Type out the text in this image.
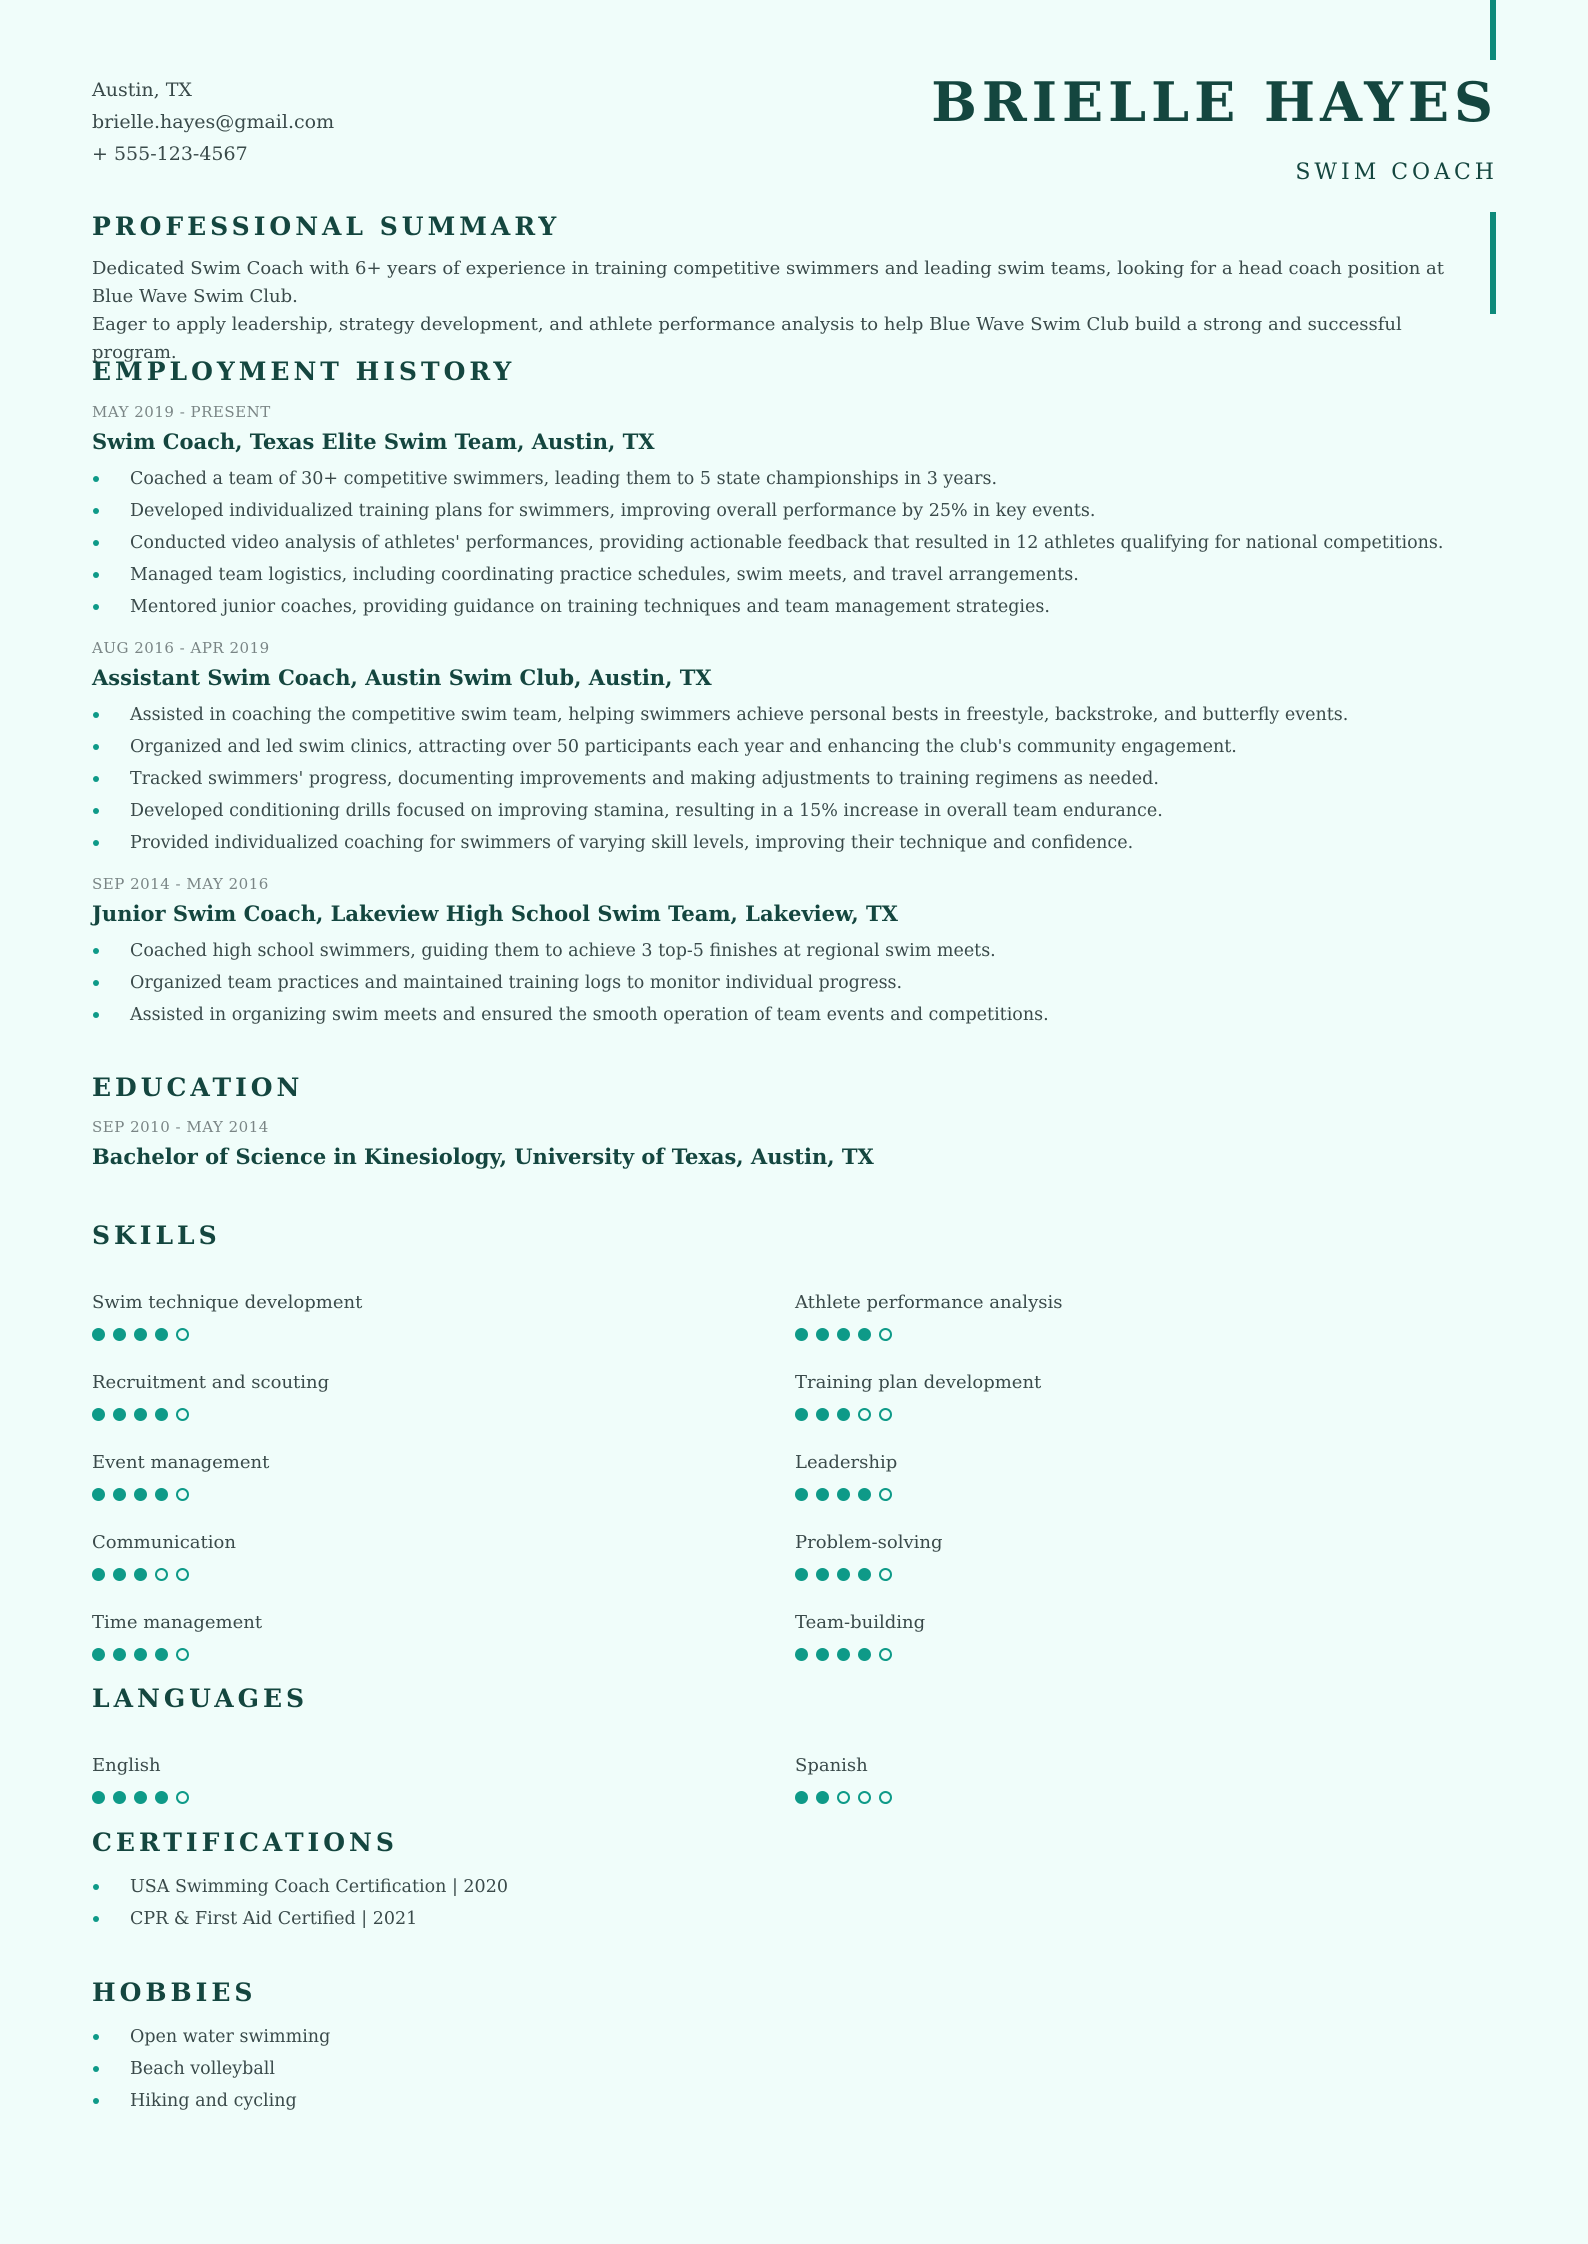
Austin, TX
brielle.hayes@gmail.com
+ 555-123-4567
BRIELLE HAYES
SWIM COACH
PROFESSIONAL SUMMARY
Dedicated Swim Coach with 6+ years of experience in training competitive swimmers and leading swim teams, looking for a head coach position at Blue Wave Swim Club.
Eager to apply leadership, strategy development, and athlete performance analysis to help Blue Wave Swim Club build a strong and successful program.
EMPLOYMENT HISTORY
MAY 2019 - PRESENT
Swim Coach, Texas Elite Swim Team, Austin, TX
Coached a team of 30+ competitive swimmers, leading them to 5 state championships in 3 years.
Developed individualized training plans for swimmers, improving overall performance by 25% in key events.
Conducted video analysis of athletes' performances, providing actionable feedback that resulted in 12 athletes qualifying for national competitions.
Managed team logistics, including coordinating practice schedules, swim meets, and travel arrangements.
Mentored junior coaches, providing guidance on training techniques and team management strategies.
AUG 2016 - APR 2019
Assistant Swim Coach, Austin Swim Club, Austin, TX
Assisted in coaching the competitive swim team, helping swimmers achieve personal bests in freestyle, backstroke, and butterfly events.
Organized and led swim clinics, attracting over 50 participants each year and enhancing the club's community engagement.
Tracked swimmers' progress, documenting improvements and making adjustments to training regimens as needed.
Developed conditioning drills focused on improving stamina, resulting in a 15% increase in overall team endurance.
Provided individualized coaching for swimmers of varying skill levels, improving their technique and confidence.
SEP 2014 - MAY 2016
Junior Swim Coach, Lakeview High School Swim Team, Lakeview, TX
Coached high school swimmers, guiding them to achieve 3 top-5 finishes at regional swim meets.
Organized team practices and maintained training logs to monitor individual progress.
Assisted in organizing swim meets and ensured the smooth operation of team events and competitions.
EDUCATION
SEP 2010 - MAY 2014
Bachelor of Science in Kinesiology, University of Texas, Austin, TX
SKILLS
Swim technique development	Athlete performance analysis
Recruitment and scouting	Training plan development
Event management	Leadership
Communication	Problem-solving
Time management	Team-building
LANGUAGES
English	Spanish
CERTIFICATIONS
USA Swimming Coach Certification | 2020
CPR & First Aid Certified | 2021
HOBBIES
Open water swimming
Beach volleyball
Hiking and cycling
